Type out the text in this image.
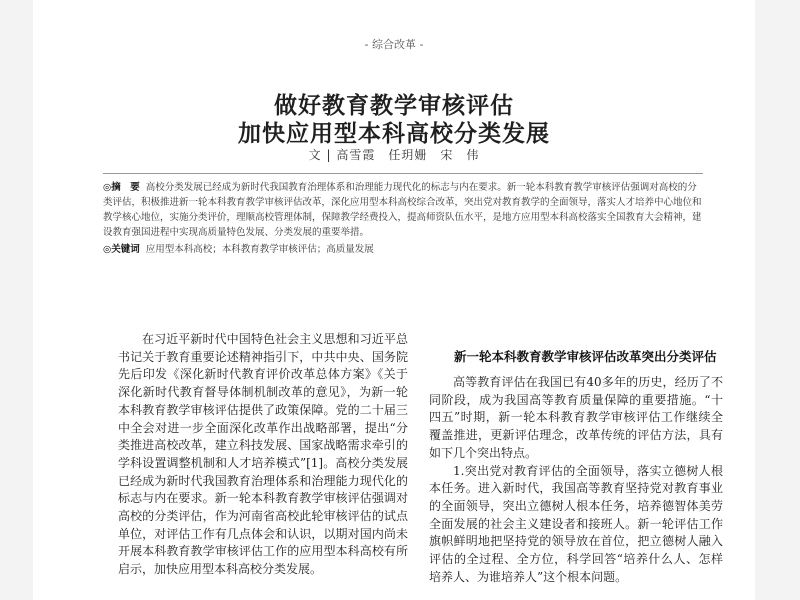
- 综合改革 -
做好教育教学审核评估
加快应用型本科高校分类发展
文 | 高雪霞　任玥姗　宋　伟
◎摘　要 高校分类发展已经成为新时代我国教育治理体系和治理能力现代化的标志与内在要求。新一轮本科教育教学审核评估强调对高校的分类评估，积极推进新一轮本科教育教学审核评估改革，深化应用型本科高校综合改革，突出党对教育教学的全面领导，落实人才培养中心地位和教学核心地位，实施分类评价，理顺高校管理体制，保障教学经费投入，提高师资队伍水平，是地方应用型本科高校落实全国教育大会精神，建设教育强国进程中实现高质量特色发展、分类发展的重要举措。
◎关键词 应用型本科高校；本科教育教学审核评估；高质量发展

在习近平新时代中国特色社会主义思想和习近平总书记关于教育重要论述精神指引下，中共中央、国务院先后印发《深化新时代教育评价改革总体方案》《关于深化新时代教育督导体制机制改革的意见》，为新一轮本科教育教学审核评估提供了政策保障。党的二十届三中全会对进一步全面深化改革作出战略部署，提出“分类推进高校改革，建立科技发展、国家战略需求牵引的学科设置调整机制和人才培养模式”[1]。高校分类发展已经成为新时代我国教育治理体系和治理能力现代化的标志与内在要求。新一轮本科教育教学审核评估强调对高校的分类评估，作为河南省高校此轮审核评估的试点单位，对评估工作有几点体会和认识，以期对国内尚未开展本科教育教学审核评估工作的应用型本科高校有所启示，加快应用型本科高校分类发展。

新一轮本科教育教学审核评估改革突出分类评估

高等教育评估在我国已有40多年的历史，经历了不同阶段，成为我国高等教育质量保障的重要措施。“十四五”时期，新一轮本科教育教学审核评估工作继续全覆盖推进，更新评估理念，改革传统的评估方法，具有如下几个突出特点。

1.突出党对教育评估的全面领导，落实立德树人根本任务。进入新时代，我国高等教育坚持党对教育事业的全面领导，突出立德树人根本任务，培养德智体美劳全面发展的社会主义建设者和接班人。新一轮评估工作旗帜鲜明地把坚持党的领导放在首位，把立德树人融入评估的全过程、全方位，科学回答“培养什么人、怎样培养人、为谁培养人”这个根本问题。
